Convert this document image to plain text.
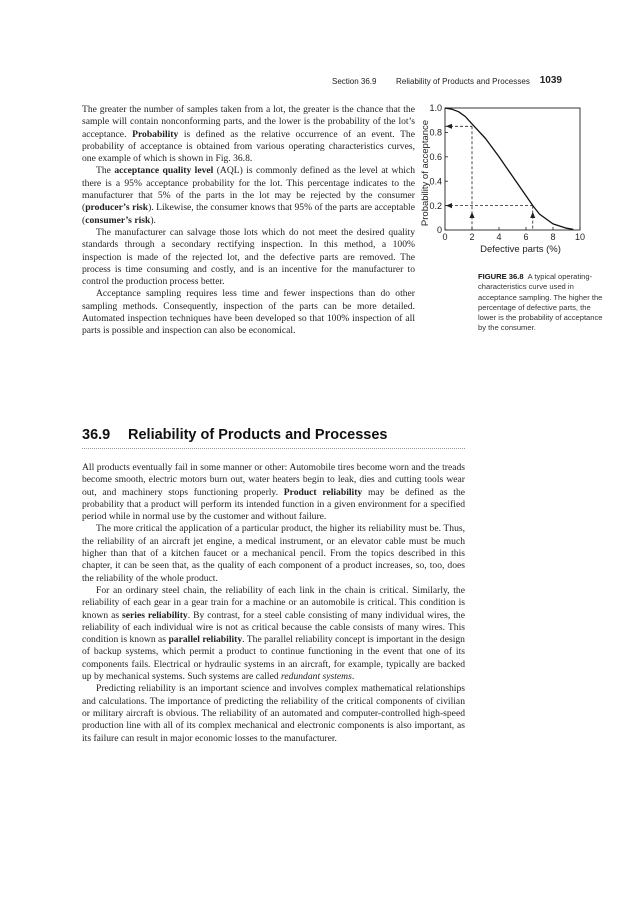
Section 36.9 Reliability of Products and Processes 1039

The greater the number of samples taken from a lot, the greater is the chance that the sample will contain nonconforming parts, and the lower is the probability of the lot’s acceptance. Probability is defined as the relative occurrence of an event. The probability of acceptance is obtained from various operating characteristics curves, one example of which is shown in Fig. 36.8.

The acceptance quality level (AQL) is commonly defined as the level at which there is a 95% acceptance probability for the lot. This percentage indicates to the manufacturer that 5% of the parts in the lot may be rejected by the consumer (producer’s risk). Likewise, the consumer knows that 95% of the parts are acceptable (consumer’s risk).

The manufacturer can salvage those lots which do not meet the desired quality standards through a secondary rectifying inspection. In this method, a 100% inspection is made of the rejected lot, and the defective parts are removed. The process is time consuming and costly, and is an incentive for the manufacturer to control the production process better.

Acceptance sampling requires less time and fewer inspections than do other sampling methods. Consequently, inspection of the parts can be more detailed. Automated inspection techniques have been developed so that 100% inspection of all parts is possible and inspection can also be economical.

0 2 4 6 8 10
0
0.2
0.4
0.6
0.8
1.0
Defective parts (%)
Probability of acceptance
FIGURE 36.8 A typical operating-characteristics curve used in acceptance sampling. The higher the percentage of defective parts, the lower is the probability of acceptance by the consumer.
36.9 Reliability of Products and Processes

All products eventually fail in some manner or other: Automobile tires become worn and the treads become smooth, electric motors burn out, water heaters begin to leak, dies and cutting tools wear out, and machinery stops functioning properly. Product reliability may be defined as the probability that a product will perform its intended function in a given environment for a specified period while in normal use by the customer and without failure.

The more critical the application of a particular product, the higher its reliability must be. Thus, the reliability of an aircraft jet engine, a medical instrument, or an elevator cable must be much higher than that of a kitchen faucet or a mechanical pencil. From the topics described in this chapter, it can be seen that, as the quality of each component of a product increases, so, too, does the reliability of the whole product.

For an ordinary steel chain, the reliability of each link in the chain is critical. Similarly, the reliability of each gear in a gear train for a machine or an automobile is critical. This condition is known as series reliability. By contrast, for a steel cable consisting of many individual wires, the reliability of each individual wire is not as critical because the cable consists of many wires. This condition is known as parallel reliability. The parallel reliability concept is important in the design of backup systems, which permit a product to continue functioning in the event that one of its components fails. Electrical or hydraulic systems in an aircraft, for example, typically are backed up by mechanical systems. Such systems are called redundant systems.

Predicting reliability is an important science and involves complex mathematical relationships and calculations. The importance of predicting the reliability of the critical components of civilian or military aircraft is obvious. The reliability of an automated and computer-controlled high-speed production line with all of its complex mechanical and electronic components is also important, as its failure can result in major economic losses to the manufacturer.
